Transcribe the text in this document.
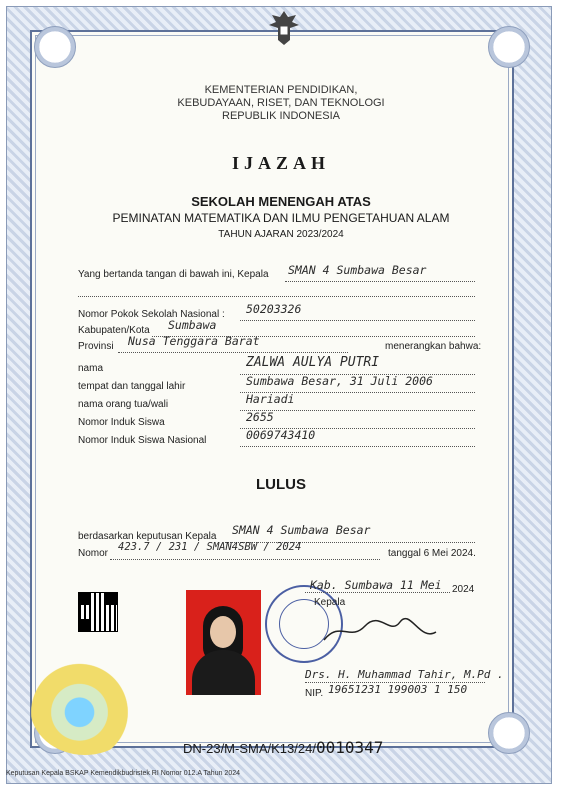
KEMENTERIAN PENDIDIKAN,
KEBUDAYAAN, RISET, DAN TEKNOLOGI
REPUBLIK INDONESIA
IJAZAH
SEKOLAH MENENGAH ATAS
PEMINATAN MATEMATIKA DAN ILMU PENGETAHUAN ALAM
TAHUN AJARAN 2023/2024
Yang bertanda tangan di bawah ini, Kepala SMAN 4 Sumbawa Besar
Nomor Pokok Sekolah Nasional : 50203326
Kabupaten/Kota Sumbawa
Provinsi Nusa Tenggara Barat	menerangkan bahwa:
nama	ZALWA AULYA PUTRI
tempat dan tanggal lahir	Sumbawa Besar, 31 Juli 2006
nama orang tua/wali	Hariadi
Nomor Induk Siswa	2655
Nomor Induk Siswa Nasional	0069743410
LULUS
berdasarkan keputusan Kepala SMAN 4 Sumbawa Besar
Nomor
423.7 / 231 / SMAN4SBW / 2024
tanggal 6 Mei 2024.
Kab. Sumbawa 11 Mei 2024
Kepala
Drs. H. Muhammad Tahir, M.Pd .
NIP. 19651231 199003 1 150
DN-23/M-SMA/K13/24/0010347
Keputusan Kepala BSKAP Kemendikbudristek RI Nomor 012.A Tahun 2024
